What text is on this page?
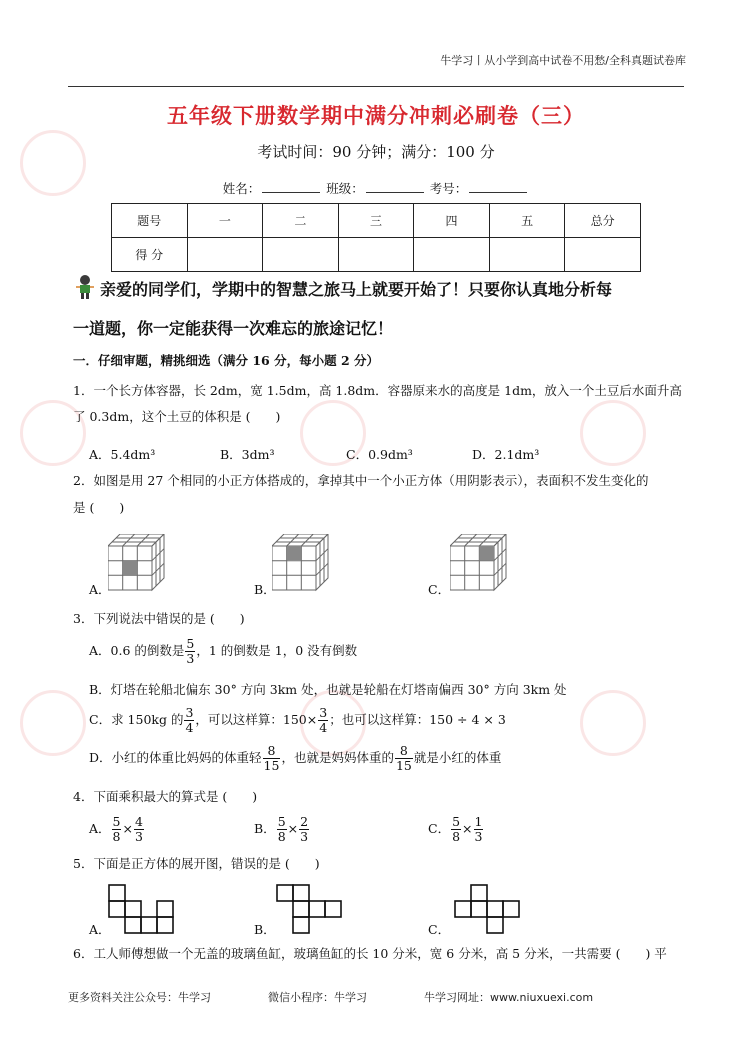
牛学习丨从小学到高中试卷不用愁/全科真题试卷库
五年级下册数学期中满分冲刺必刷卷（三）
考试时间：90 分钟；满分：100 分
姓名：	班级：	考号：
题号	一	二	三	四	五	总分
得 分						
亲爱的同学们，学期中的智慧之旅马上就要开始了！只要你认真地分析每
一道题，你一定能获得一次难忘的旅途记忆！
一．仔细审题，精挑细选（满分 16 分，每小题 2 分）
1．一个长方体容器，长 2dm，宽 1.5dm，高 1.8dm．容器原来水的高度是 1dm，放入一个土豆后水面升高
了 0.3dm，这个土豆的体积是 (　　)
A．5.4dm³	B．3dm³	C．0.9dm³	D．2.1dm³
2．如图是用 27 个相同的小正方体搭成的，拿掉其中一个小正方体（用阴影表示），表面积不发生变化的
是 (　　)
A．	B．	C．
3．下列说法中错误的是 (　　)
A．0.6 的倒数是 $\frac{5}{3}$ ，1 的倒数是 1，0 没有倒数
B．灯塔在轮船北偏东 30° 方向 3km 处，也就是轮船在灯塔南偏西 30° 方向 3km 处
C．求 150kg 的 $\frac{3}{4}$ ，可以这样算：$150\times \frac{3}{4}$ ；也可以这样算：150 ÷ 4 × 3
D．小红的体重比妈妈的体重轻 $\frac{8}{15}$ ，也就是妈妈体重的 $\frac{8}{15}$ 就是小红的体重
4．下面乘积最大的算式是 (　　)
A． $\frac{5}{8} \times \frac{4}{3}$	B． $\frac{5}{8} \times \frac{2}{3}$	C． $\frac{5}{8} \times \frac{1}{3}$
5．下面是正方体的展开图，错误的是 (　　)
A．	B．	C．
6．工人师傅想做一个无盖的玻璃鱼缸，玻璃鱼缸的长 10 分米，宽 6 分米，高 5 分米，一共需要 (　　) 平
更多资料关注公众号：牛学习	微信小程序：牛学习	牛学习网址：www.niuxuexi.com
